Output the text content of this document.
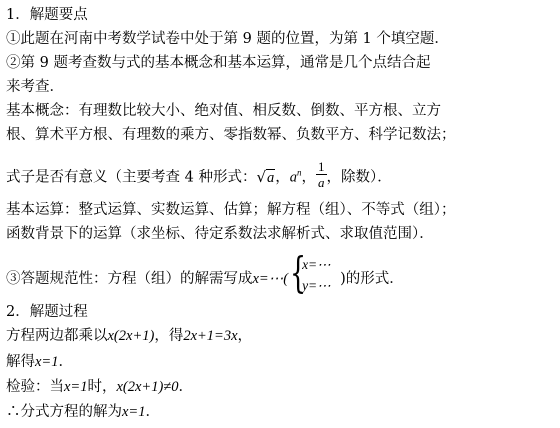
1．解题要点
①此题在河南中考数学试卷中处于第 9 题的位置，为第 1 个填空题．
②第 9 题考查数与式的基本概念和基本运算，通常是几个点结合起
来考查．
基本概念：有理数比较大小、绝对值、相反数、倒数、平方根、立方
根、算术平方根、有理数的乘方、零指数幂、负数平方、科学记数法；
式子是否有意义（主要考查 4 种形式：√a，$a^n$， $\frac{1}{a}$ ，除数）．
基本运算：整式运算、实数运算、估算；解方程（组）、不等式（组）；
函数背景下的运算（求坐标、待定系数法求解析式、求取值范围）．
③答题规范性：方程（组）的解需写成x=⋯( {
x=⋯
y=⋯ )的形式．
2．解题过程
方程两边都乘以x(2x+1)，得2x+1=3x，
解得x=1．
检验：当x=1时，x(2x+1)≠0．
∴分式方程的解为x=1．
